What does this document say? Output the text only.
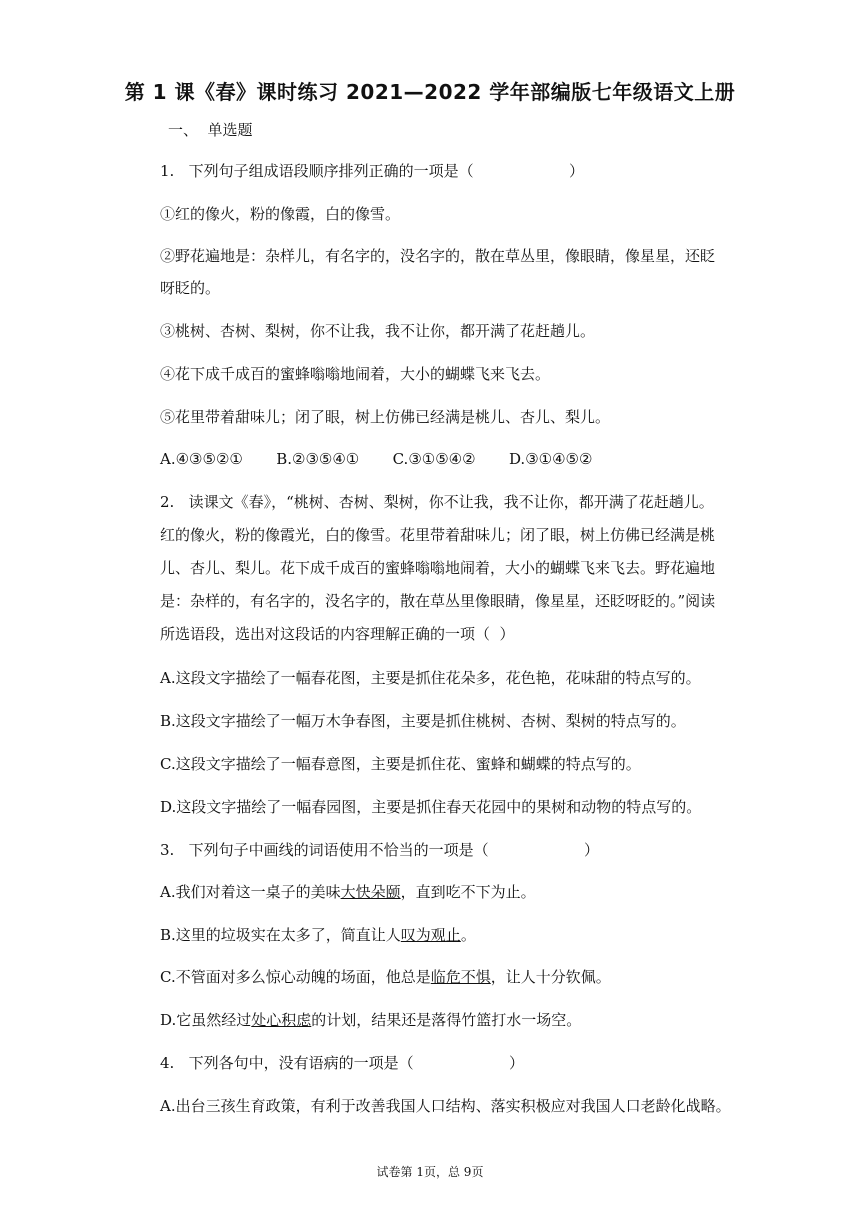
第 1 课《春》课时练习 2021—2022 学年部编版七年级语文上册
一、  单选题
1.   下列句子组成语段顺序排列正确的一项是（                    ）
①红的像火，粉的像霞，白的像雪。
②野花遍地是：杂样儿，有名字的，没名字的，散在草丛里，像眼睛，像星星，还眨
呀眨的。
③桃树、杏树、梨树，你不让我，我不让你，都开满了花赶趟儿。
④花下成千成百的蜜蜂嗡嗡地闹着，大小的蝴蝶飞来飞去。
⑤花里带着甜味儿；闭了眼，树上仿佛已经满是桃儿、杏儿、梨儿。
A.④③⑤②①       B.②③⑤④①       C.③①⑤④②       D.③①④⑤②
2.   读课文《春》，“桃树、杏树、梨树，你不让我，我不让你，都开满了花赶趟儿。
红的像火，粉的像霞光，白的像雪。花里带着甜味儿；闭了眼，树上仿佛已经满是桃
儿、杏儿、梨儿。花下成千成百的蜜蜂嗡嗡地闹着，大小的蝴蝶飞来飞去。野花遍地
是：杂样的，有名字的，没名字的，散在草丛里像眼睛，像星星，还眨呀眨的。”阅读
所选语段，选出对这段话的内容理解正确的一项（  ）
A.这段文字描绘了一幅春花图，主要是抓住花朵多，花色艳，花味甜的特点写的。
B.这段文字描绘了一幅万木争春图，主要是抓住桃树、杏树、梨树的特点写的。
C.这段文字描绘了一幅春意图，主要是抓住花、蜜蜂和蝴蝶的特点写的。
D.这段文字描绘了一幅春园图，主要是抓住春天花园中的果树和动物的特点写的。
3.   下列句子中画线的词语使用不恰当的一项是（                    ）
A.我们对着这一桌子的美味大快朵颐，直到吃不下为止。
B.这里的垃圾实在太多了，简直让人叹为观止。
C.不管面对多么惊心动魄的场面，他总是临危不惧，让人十分钦佩。
D.它虽然经过处心积虑的计划，结果还是落得竹篮打水一场空。
4.   下列各句中，没有语病的一项是（                    ）
A.出台三孩生育政策，有利于改善我国人口结构、落实积极应对我国人口老龄化战略。
试卷第 1页，总 9页
